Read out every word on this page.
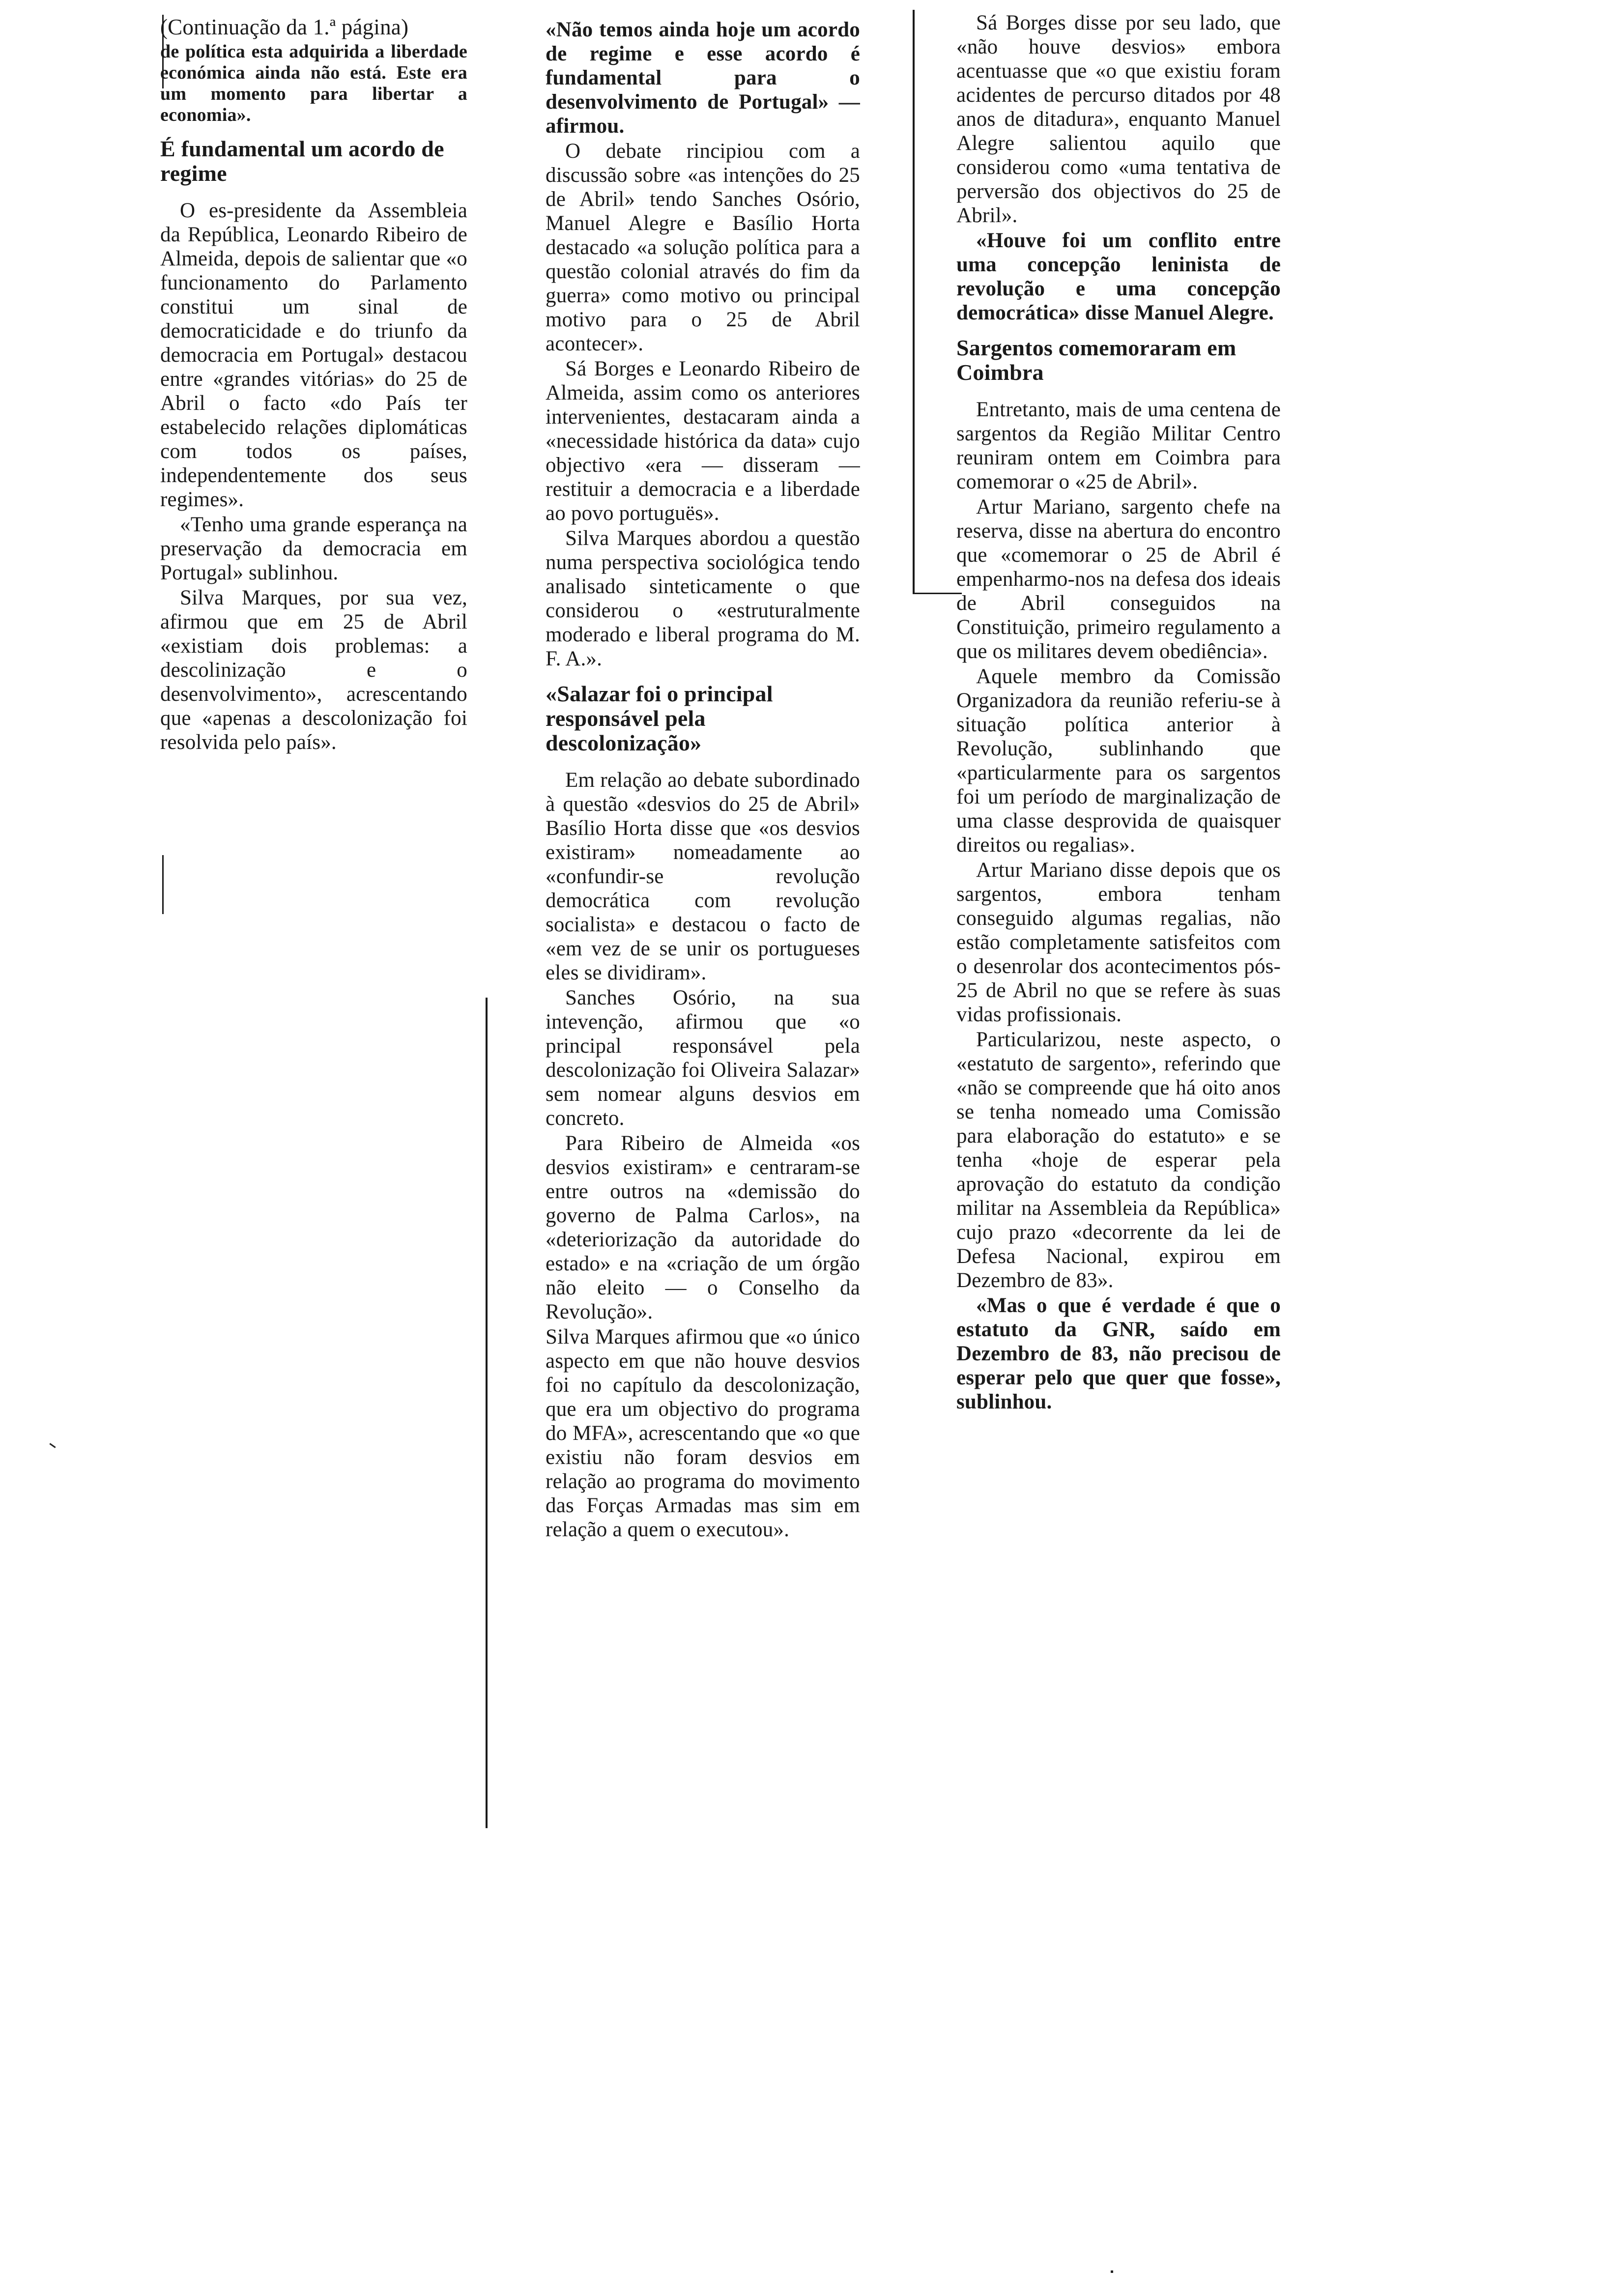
(Continuação da 1.ª página)

de política esta adquirida a liberdade económica ainda não está. Este era um momento para libertar a economia».

É fundamental um acordo de regime

O es-presidente da Assembleia da República, Leonardo Ribeiro de Almeida, depois de salientar que «o funcionamento do Parlamento constitui um sinal de democraticidade e do triunfo da democracia em Portugal» destacou entre «grandes vitórias» do 25 de Abril o facto «do País ter estabelecido relações diplomáticas com todos os países, independentemente dos seus regimes».

«Tenho uma grande esperança na preservação da democracia em Portugal» sublinhou.

Silva Marques, por sua vez, afirmou que em 25 de Abril «existiam dois problemas: a descolinização e o desenvolvimento», acrescentando que «apenas a descolonização foi resolvida pelo país».

«Não temos ainda hoje um acordo de regime e esse acordo é fundamental para o desenvolvimento de Portugal» — afirmou.

O debate rincipiou com a discussão sobre «as intenções do 25 de Abril» tendo Sanches Osório, Manuel Alegre e Basílio Horta destacado «a solução política para a questão colonial através do fim da guerra» como motivo ou principal motivo para o 25 de Abril acontecer».

Sá Borges e Leonardo Ribeiro de Almeida, assim como os anteriores intervenientes, destacaram ainda a «necessidade histórica da data» cujo objectivo «era — disseram — restituir a democracia e a liberdade ao povo portuguës».

Silva Marques abordou a questão numa perspectiva sociológica tendo analisado sinteticamente o que considerou o «estruturalmente moderado e liberal programa do M. F. A.».

«Salazar foi o principal responsável pela descolonização»

Em relação ao debate subordinado à questão «desvios do 25 de Abril» Basílio Horta disse que «os desvios existiram» nomeadamente ao «confundir-se revolução democrática com revolução socialista» e destacou o facto de «em vez de se unir os portugueses eles se dividiram».

Sanches Osório, na sua intevenção, afirmou que «o principal responsável pela descolonização foi Oliveira Salazar» sem nomear alguns desvios em concreto.

Para Ribeiro de Almeida «os desvios existiram» e centraram-se entre outros na «demissão do governo de Palma Carlos», na «deteriorização da autoridade do estado» e na «criação de um órgão não eleito — o Conselho da Revolução».

Silva Marques afirmou que «o único aspecto em que não houve desvios foi no capítulo da descolonização, que era um objectivo do programa do MFA», acrescentando que «o que existiu não foram desvios em relação ao programa do movimento das Forças Armadas mas sim em relação a quem o executou».

Sá Borges disse por seu lado, que «não houve desvios» embora acentuasse que «o que existiu foram acidentes de percurso ditados por 48 anos de ditadura», enquanto Manuel Alegre salientou aquilo que considerou como «uma tentativa de perversão dos objectivos do 25 de Abril».

«Houve foi um conflito entre uma concepção leninista de revolução e uma concepção democrática» disse Manuel Alegre.

Sargentos comemoraram em Coimbra

Entretanto, mais de uma centena de sargentos da Região Militar Centro reuniram ontem em Coimbra para comemorar o «25 de Abril».

Artur Mariano, sargento chefe na reserva, disse na abertura do encontro que «comemorar o 25 de Abril é empenharmo-nos na defesa dos ideais de Abril conseguidos na Constituição, primeiro regulamento a que os militares devem obediência».

Aquele membro da Comissão Organizadora da reunião referiu-se à situação política anterior à Revolução, sublinhando que «particularmente para os sargentos foi um período de marginalização de uma classe desprovida de quaisquer direitos ou regalias».

Artur Mariano disse depois que os sargentos, embora tenham conseguido algumas regalias, não estão completamente satisfeitos com o desenrolar dos acontecimentos pós-25 de Abril no que se refere às suas vidas profissionais.

Particularizou, neste aspecto, o «estatuto de sargento», referindo que «não se compreende que há oito anos se tenha nomeado uma Comissão para elaboração do estatuto» e se tenha «hoje de esperar pela aprovação do estatuto da condição militar na Assembleia da República» cujo prazo «decorrente da lei de Defesa Nacional, expirou em Dezembro de 83».

«Mas o que é verdade é que o estatuto da GNR, saído em Dezembro de 83, não precisou de esperar pelo que quer que fosse», sublinhou.
